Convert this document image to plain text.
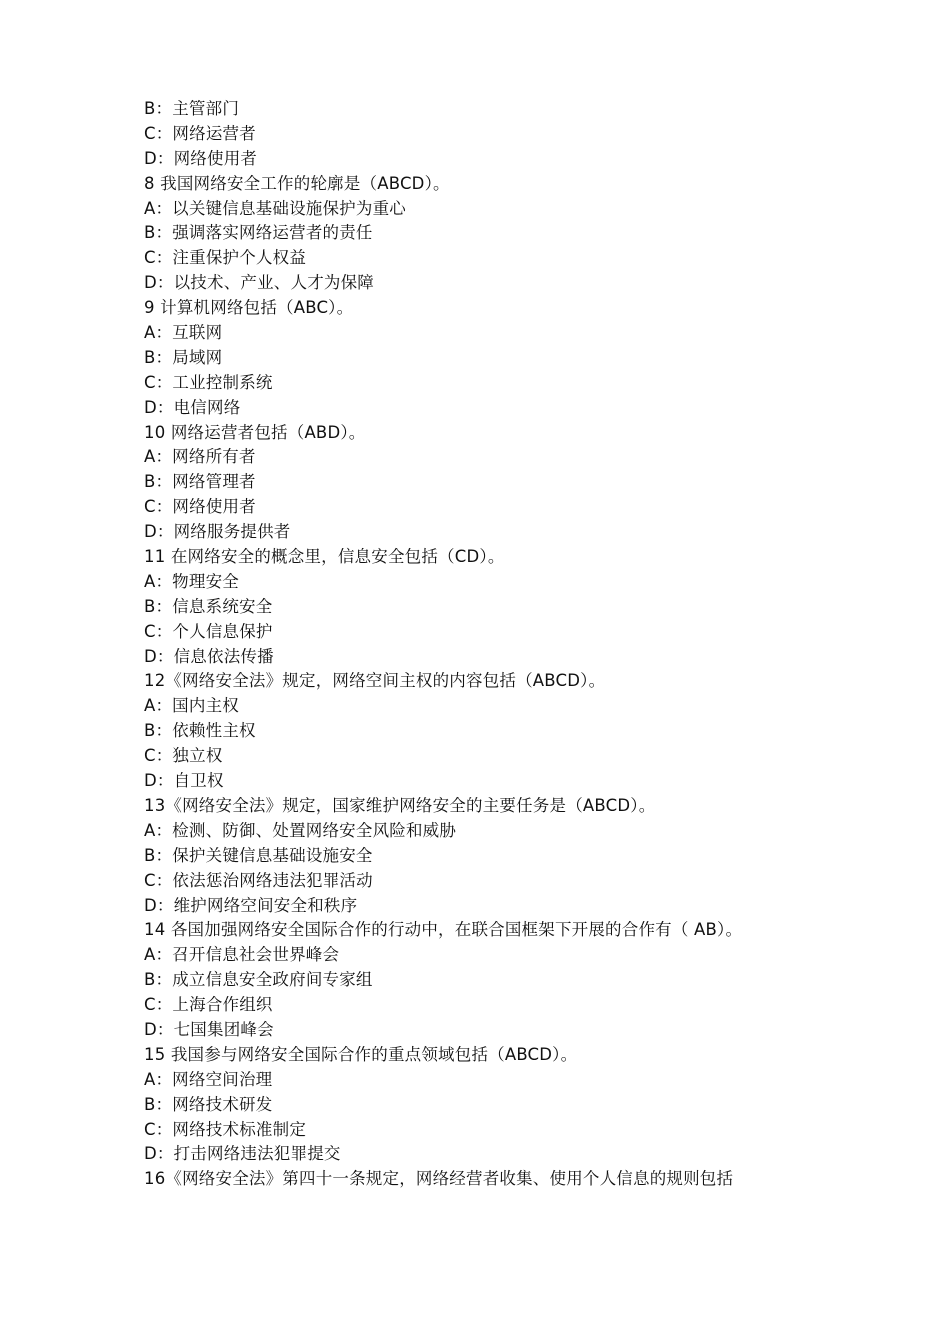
B：主管部门
C：网络运营者
D：网络使用者
8 我国网络安全工作的轮廓是（ABCD）。
A：以关键信息基础设施保护为重心
B：强调落实网络运营者的责任
C：注重保护个人权益
D：以技术、产业、人才为保障
9 计算机网络包括（ABC）。
A：互联网
B：局域网
C：工业控制系统
D：电信网络
10 网络运营者包括（ABD）。
A：网络所有者
B：网络管理者
C：网络使用者
D：网络服务提供者
11 在网络安全的概念里，信息安全包括（CD）。
A：物理安全
B：信息系统安全
C：个人信息保护
D：信息依法传播
12《网络安全法》规定，网络空间主权的内容包括（ABCD）。
A：国内主权
B：依赖性主权
C：独立权
D：自卫权
13《网络安全法》规定，国家维护网络安全的主要任务是（ABCD）。
A：检测、防御、处置网络安全风险和威胁
B：保护关键信息基础设施安全
C：依法惩治网络违法犯罪活动
D：维护网络空间安全和秩序
14 各国加强网络安全国际合作的行动中，在联合国框架下开展的合作有（ AB）。
A：召开信息社会世界峰会
B：成立信息安全政府间专家组
C：上海合作组织
D：七国集团峰会
15 我国参与网络安全国际合作的重点领域包括（ABCD）。
A：网络空间治理
B：网络技术研发
C：网络技术标准制定
D：打击网络违法犯罪提交
16《网络安全法》第四十一条规定，网络经营者收集、使用个人信息的规则包括
